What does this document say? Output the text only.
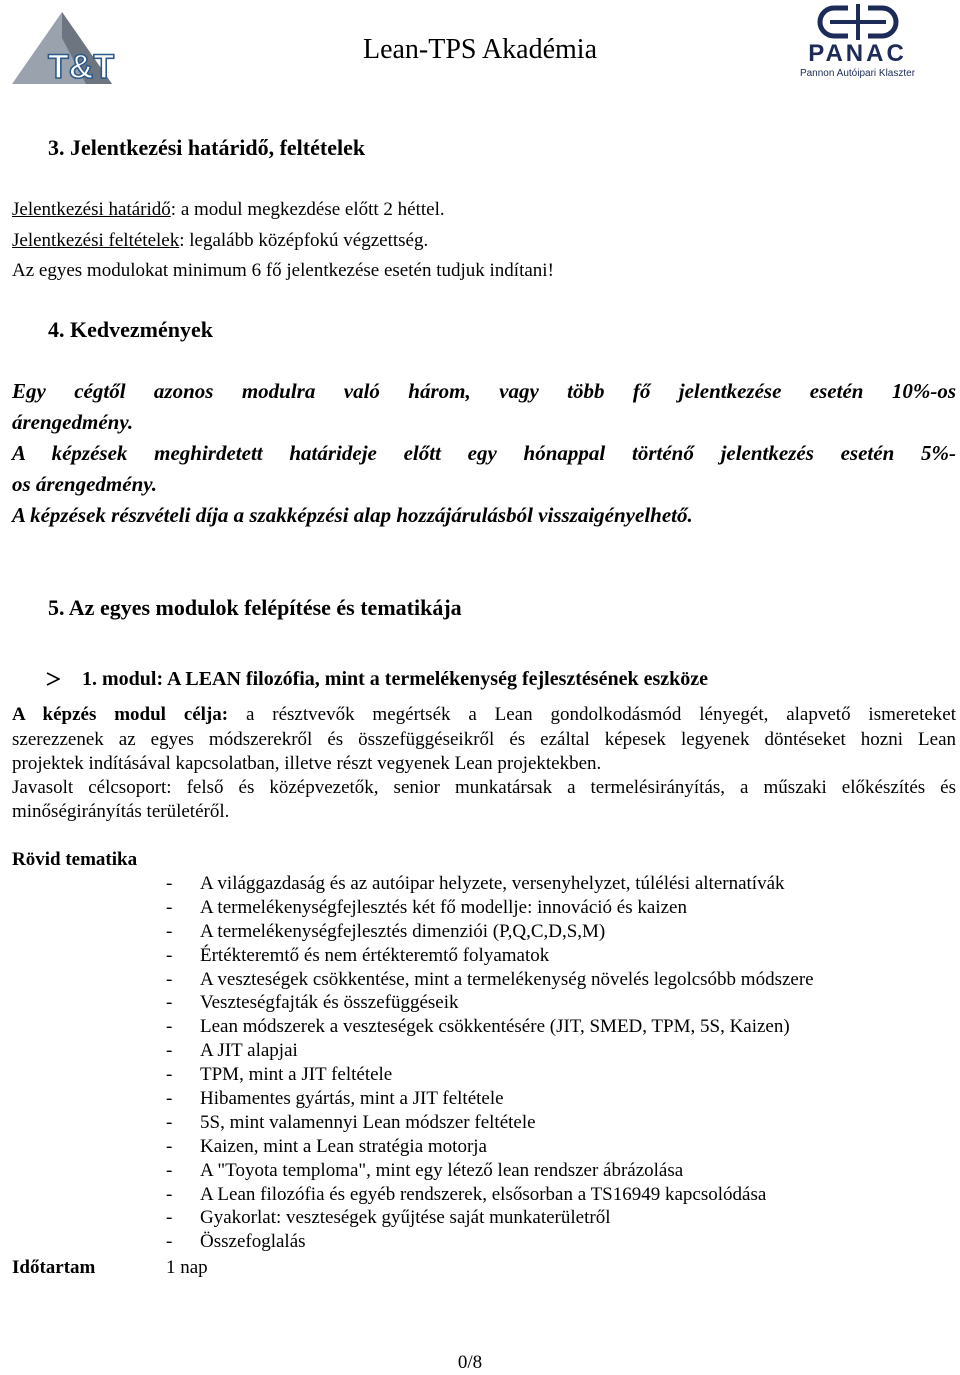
T&T	Lean-TPS Akadémia	PANAC
Pannon Autóipari Klaszter
3. Jelentkezési határidő, feltételek
Jelentkezési határidő: a modul megkezdése előtt 2 héttel.
Jelentkezési feltételek: legalább középfokú végzettség.
Az egyes modulokat minimum 6 fő jelentkezése esetén tudjuk indítani!
4. Kedvezmények
Egy cégtől azonos modulra való három, vagy több fő jelentkezése esetén 10%-os
árengedmény.
A képzések meghirdetett határideje előtt egy hónappal történő jelentkezés esetén 5%-
os árengedmény.
A képzések részvételi díja a szakképzési alap hozzájárulásból visszaigényelhető.
5. Az egyes modulok felépítése és tematikája
1. modul: A LEAN filozófia, mint a termelékenység fejlesztésének eszköze
A képzés modul célja: a résztvevők megértsék a Lean gondolkodásmód lényegét, alapvető ismereteket
szerezzenek az egyes módszerekről és összefüggéseikről és ezáltal képesek legyenek döntéseket hozni Lean
projektek indításával kapcsolatban, illetve részt vegyenek Lean projektekben.
Javasolt célcsoport: felső és középvezetők, senior munkatársak a termelésirányítás, a műszaki előkészítés és
minőségirányítás területéről.
Rövid tematika
- A világgazdaság és az autóipar helyzete, versenyhelyzet, túlélési alternatívák
- A termelékenységfejlesztés két fő modellje: innováció és kaizen
- A termelékenységfejlesztés dimenziói (P,Q,C,D,S,M)
- Értékteremtő és nem értékteremtő folyamatok
- A veszteségek csökkentése, mint a termelékenység növelés legolcsóbb módszere
- Veszteségfajták és összefüggéseik
- Lean módszerek a veszteségek csökkentésére (JIT, SMED, TPM, 5S, Kaizen)
- A JIT alapjai
- TPM, mint a JIT feltétele
- Hibamentes gyártás, mint a JIT feltétele
- 5S, mint valamennyi Lean módszer feltétele
- Kaizen, mint a Lean stratégia motorja
- A "Toyota temploma", mint egy létező lean rendszer ábrázolása
- A Lean filozófia és egyéb rendszerek, elsősorban a TS16949 kapcsolódása
- Gyakorlat: veszteségek gyűjtése saját munkaterületről
- Összefoglalás
Időtartam	1 nap
0/8
